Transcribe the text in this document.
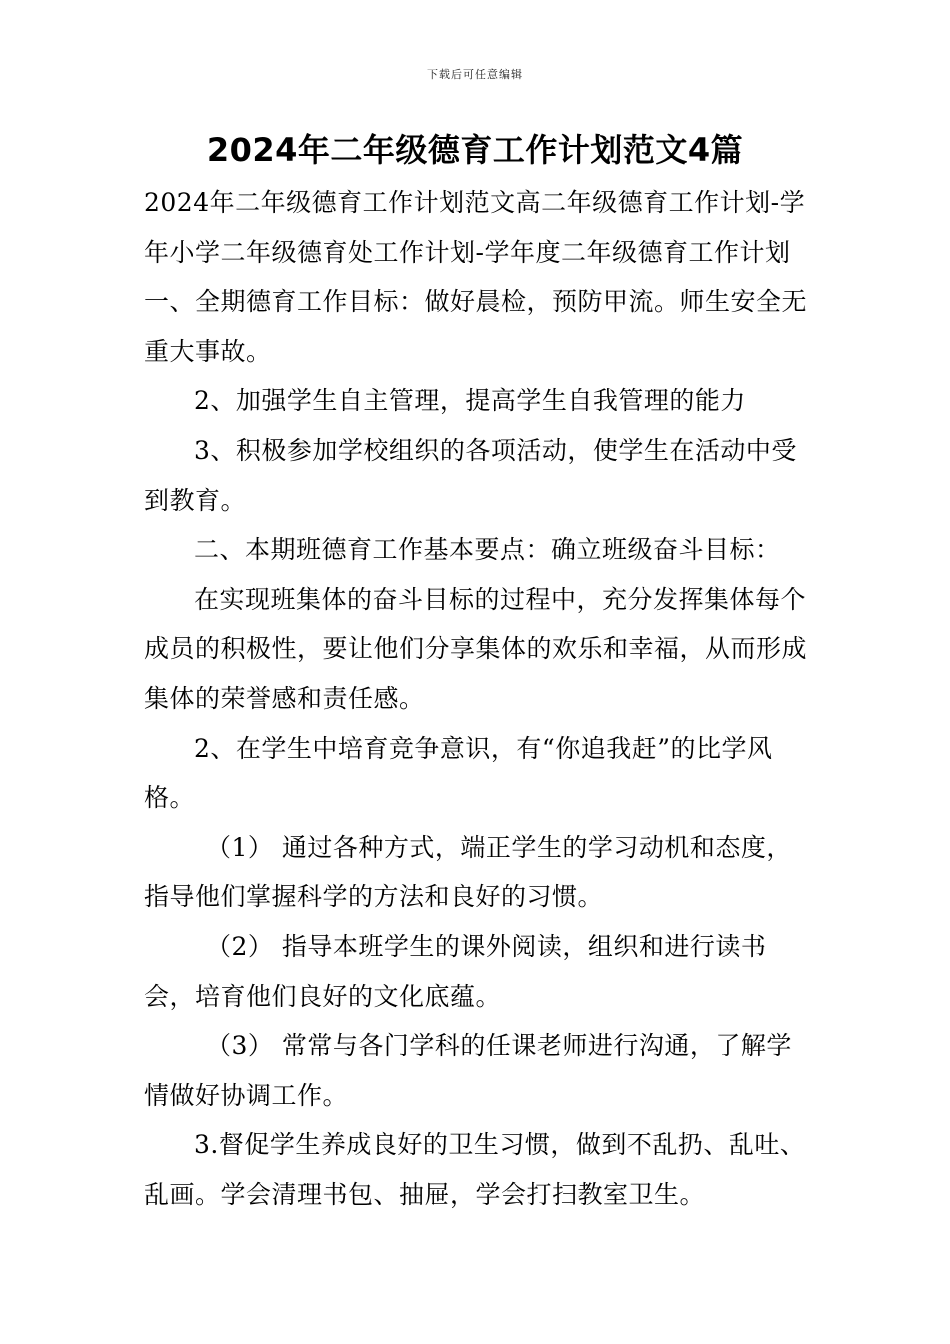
下载后可任意编辑
2024年二年级德育工作计划范文4篇

2024年二年级德育工作计划范文高二年级德育工作计划-学年小学二年级德育处工作计划-学年度二年级德育工作计划一、全期德育工作目标：做好晨检，预防甲流。师生安全无重大事故。

2、加强学生自主管理，提高学生自我管理的能力

3、积极参加学校组织的各项活动，使学生在活动中受到教育。

二、本期班德育工作基本要点：确立班级奋斗目标：

在实现班集体的奋斗目标的过程中，充分发挥集体每个成员的积极性，要让他们分享集体的欢乐和幸福，从而形成集体的荣誉感和责任感。

2、在学生中培育竞争意识，有“你追我赶”的比学风格。

（1） 通过各种方式，端正学生的学习动机和态度，指导他们掌握科学的方法和良好的习惯。

（2） 指导本班学生的课外阅读，组织和进行读书会，培育他们良好的文化底蕴。

（3） 常常与各门学科的任课老师进行沟通，了解学情做好协调工作。

3.督促学生养成良好的卫生习惯，做到不乱扔、乱吐、乱画。学会清理书包、抽屉，学会打扫教室卫生。
